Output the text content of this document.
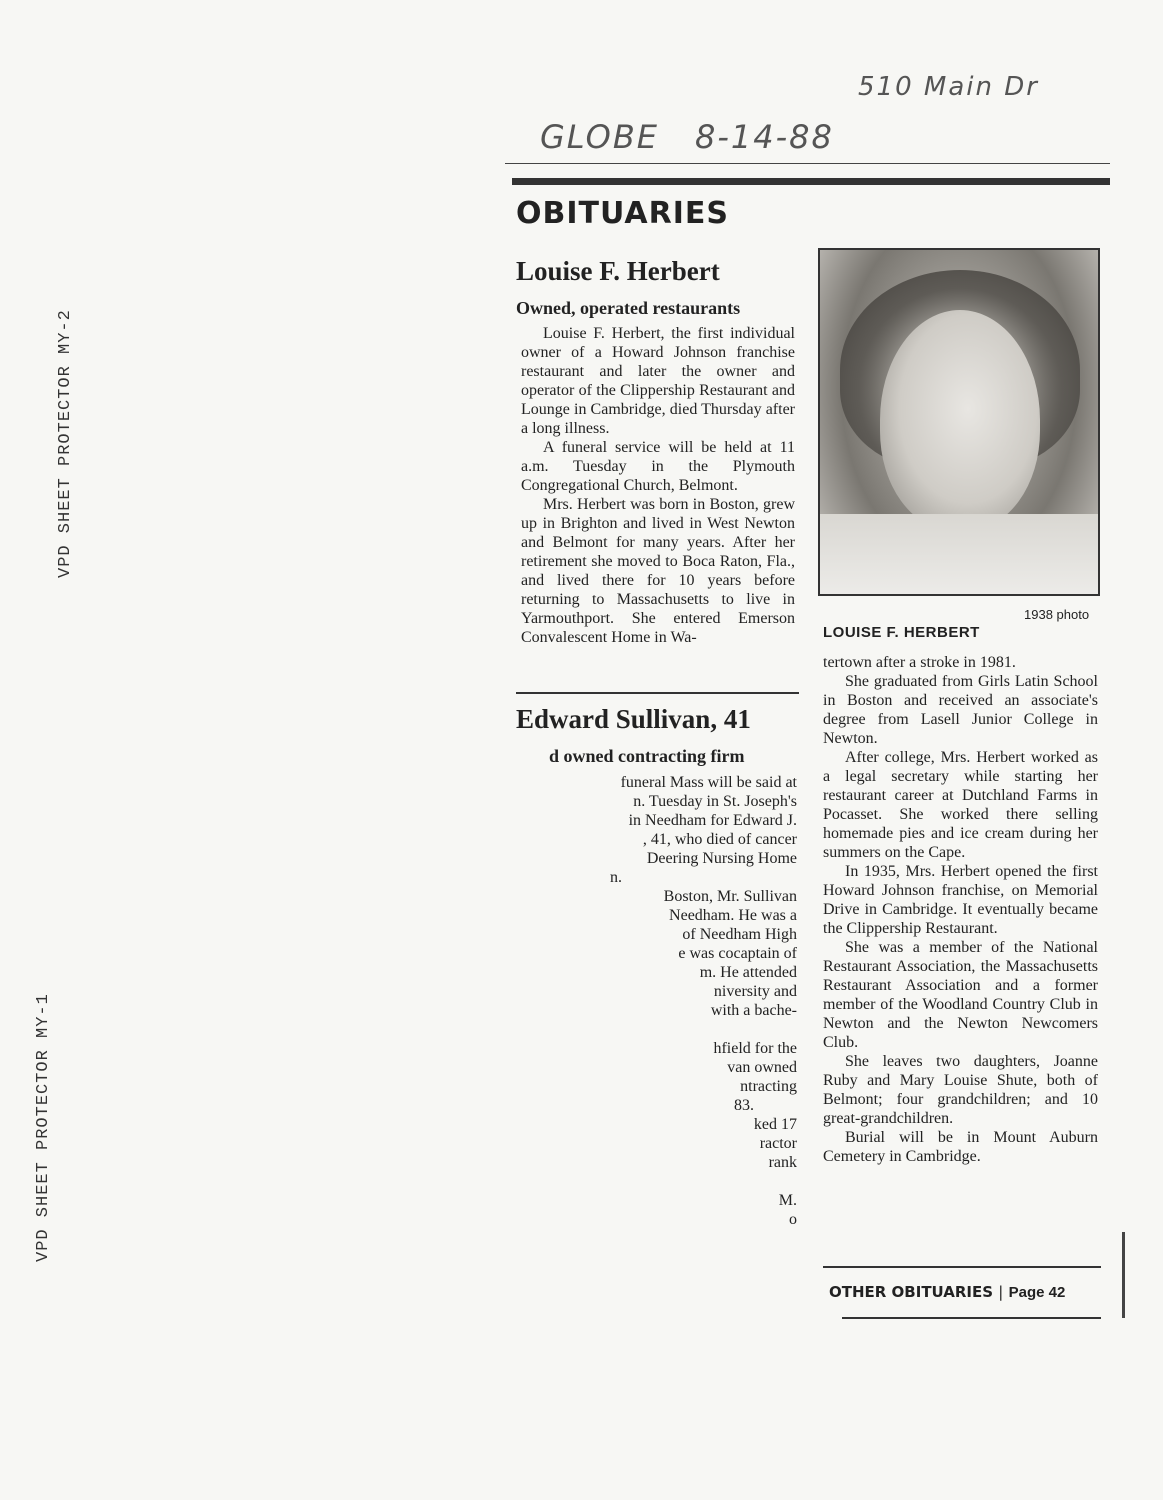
510 Main Dr
GLOBE 8-14-88
VPD SHEET PROTECTOR MY-2
VPD SHEET PROTECTOR MY-1
OBITUARIES
Louise F. Herbert
Owned, operated restaurants

Louise F. Herbert, the first individual owner of a Howard Johnson franchise restaurant and later the owner and operator of the Clippership Restaurant and Lounge in Cambridge, died Thursday after a long illness.

A funeral service will be held at 11 a.m. Tuesday in the Plymouth Congregational Church, Belmont.

Mrs. Herbert was born in Boston, grew up in Brighton and lived in West Newton and Belmont for many years. After her retirement she moved to Boca Raton, Fla., and lived there for 10 years before returning to Massachusetts to live in Yarmouthport. She entered Emerson Convalescent Home in Wa-

1938 photo
LOUISE F. HERBERT

tertown after a stroke in 1981.

She graduated from Girls Latin School in Boston and received an associate's degree from Lasell Junior College in Newton.

After college, Mrs. Herbert worked as a legal secretary while starting her restaurant career at Dutchland Farms in Pocasset. She worked there selling homemade pies and ice cream during her summers on the Cape.

In 1935, Mrs. Herbert opened the first Howard Johnson franchise, on Memorial Drive in Cambridge. It eventually became the Clippership Restaurant.

She was a member of the National Restaurant Association, the Massachusetts Restaurant Association and a former member of the Woodland Country Club in Newton and the Newton Newcomers Club.

She leaves two daughters, Joanne Ruby and Mary Louise Shute, both of Belmont; four grandchildren; and 10 great-grandchildren.

Burial will be in Mount Auburn Cemetery in Cambridge.

Edward Sullivan, 41
d owned contracting firm

funeral Mass will be said at

n. Tuesday in St. Joseph's

in Needham for Edward J.

, 41, who died of cancer

Deering Nursing Home

n.

Boston, Mr. Sullivan

Needham. He was a

of Needham High

e was cocaptain of

m. He attended

niversity and

with a bache-

hfield for the

van owned

ntracting

83.

ked 17

ractor

rank

M.

o

OTHER OBITUARIES | Page 42
